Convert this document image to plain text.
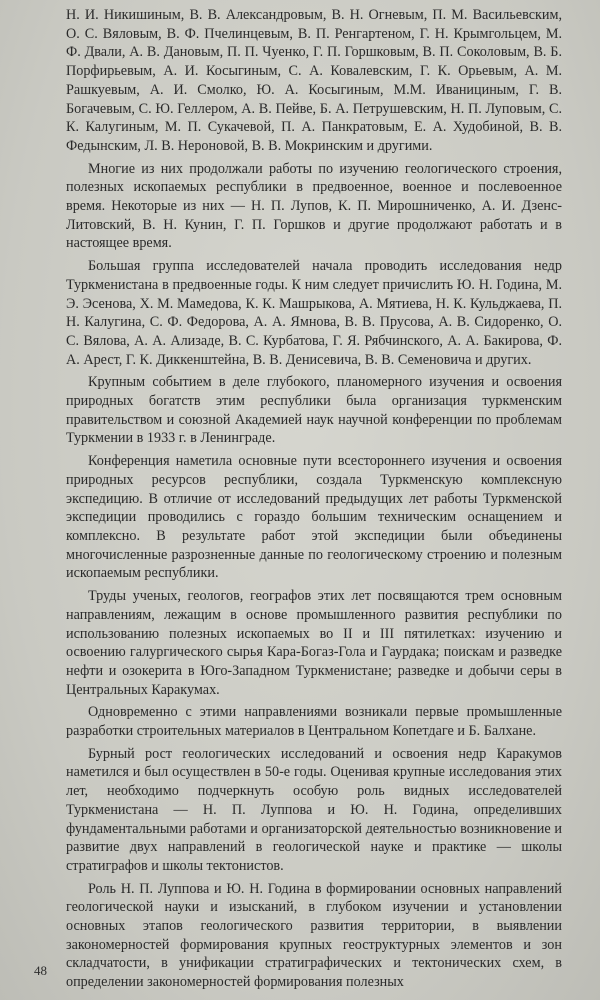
Н. И. Никишиным, В. В. Александровым, В. Н. Огневым, П. М. Васильевским, О. С. Вяловым, В. Ф. Пчелинцевым, В. П. Ренгартеном, Г. Н. Крымгольцем, М. Ф. Двали, А. В. Дановым, П. П. Чуенко, Г. П. Горшковым, В. П. Соколовым, В. Б. Порфирьевым, А. И. Косыгиным, С. А. Ковалевским, Г. К. Орьевым, А. М. Рашкуевым, А. И. Смолко, Ю. А. Косыгиным, М.М. Иванициным, Г. В. Богачевым, С. Ю. Геллером, А. В. Пейве, Б. А. Петрушевским, Н. П. Луповым, С. К. Калугиным, М. П. Сукачевой, П. А. Панкратовым, Е. А. Худобиной, В. В. Федынским, Л. В. Нероновой, В. В. Мокринским и другими.

Многие из них продолжали работы по изучению геологического строения, полезных ископаемых республики в предвоенное, военное и послевоенное время. Некоторые из них — Н. П. Лупов, К. П. Мирошниченко, А. И. Дзенс-Литовский, В. Н. Кунин, Г. П. Горшков и другие продолжают работать и в настоящее время.

Большая группа исследователей начала проводить исследования недр Туркменистана в предвоенные годы. К ним следует причислить Ю. Н. Година, М. Э. Эсенова, Х. М. Мамедова, К. К. Машрыкова, А. Мятиева, Н. К. Кульджаева, П. Н. Калугина, С. Ф. Федорова, А. А. Ямнова, В. В. Прусова, А. В. Сидоренко, О. С. Вялова, А. А. Ализаде, В. С. Курбатова, Г. Я. Рябчинского, А. А. Бакирова, Ф. А. Арест, Г. К. Диккенштейна, В. В. Денисевича, В. В. Семеновича и других.

Крупным событием в деле глубокого, планомерного изучения и освоения природных богатств этим республики была организация туркменским правительством и союзной Академией наук научной конференции по проблемам Туркмении в 1933 г. в Ленинграде.

Конференция наметила основные пути всестороннего изучения и освоения природных ресурсов республики, создала Туркменскую комплексную экспедицию. В отличие от исследований предыдущих лет работы Туркменской экспедиции проводились с гораздо большим техническим оснащением и комплексно. В результате работ этой экспедиции были объединены многочисленные разрозненные данные по геологическому строению и полезным ископаемым республики.

Труды ученых, геологов, географов этих лет посвящаются трем основным направлениям, лежащим в основе промышленного развития республики по использованию полезных ископаемых во II и III пятилетках: изучению и освоению галургического сырья Кара-Богаз-Гола и Гаурдака; поискам и разведке нефти и озокерита в Юго-Западном Туркменистане; разведке и добычи серы в Центральных Каракумах.

Одновременно с этими направлениями возникали первые промышленные разработки строительных материалов в Центральном Копетдаге и Б. Балхане.

Бурный рост геологических исследований и освоения недр Каракумов наметился и был осуществлен в 50-е годы. Оценивая крупные исследования этих лет, необходимо подчеркнуть особую роль видных исследователей Туркменистана — Н. П. Луппова и Ю. Н. Година, определивших фундаментальными работами и организаторской деятельностью возникновение и развитие двух направлений в геологической науке и практике — школы стратиграфов и школы тектонистов.

Роль Н. П. Луппова и Ю. Н. Година в формировании основных направлений геологической науки и изысканий, в глубоком изучении и установлении основных этапов геологического развития территории, в выявлении закономерностей формирования крупных геоструктурных элементов и зон складчатости, в унификации стратиграфических и тектонических схем, в определении закономерностей формирования полезных

48
